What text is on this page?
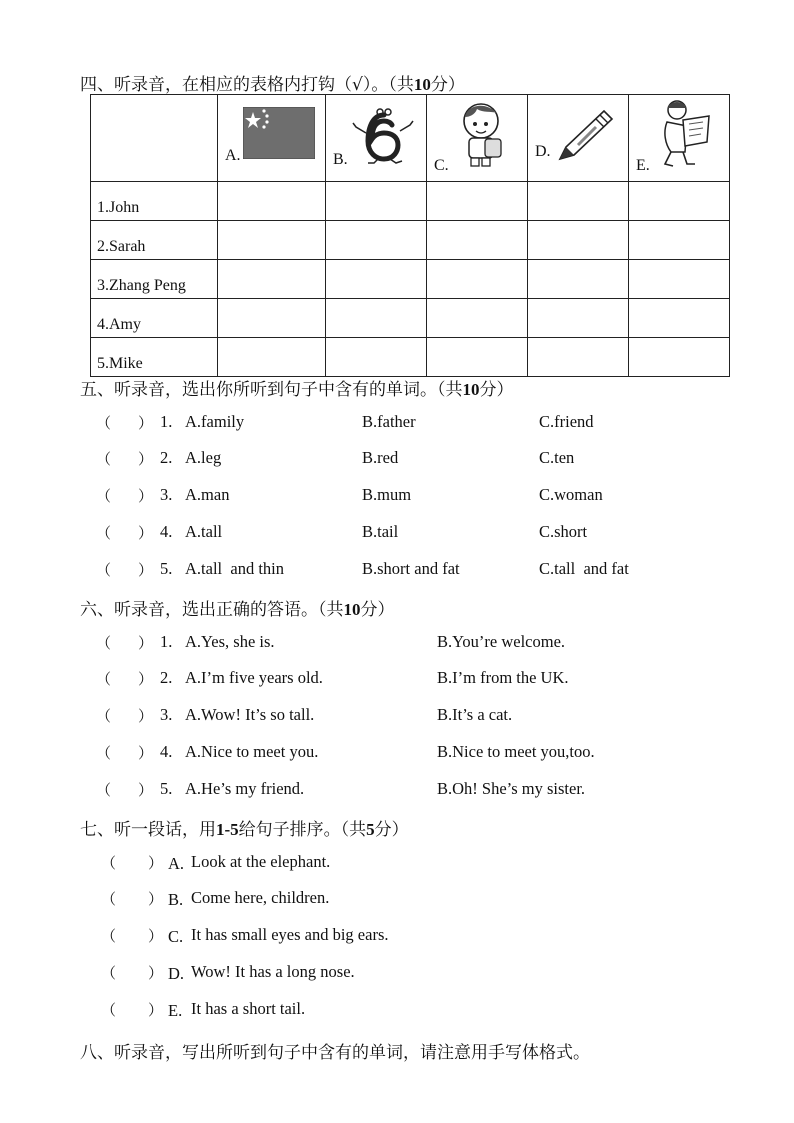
四、听录音，在相应的表格内打钩（√）。（共10分）

	A.	B.	C.	D.	E.

1.John					
2.Sarah					
3.Zhang Peng					
4.Amy					
5.Mike					
五、听录音，选出你所听到句子中含有的单词。（共10分）
（ ） 1. A.family	B.father	C.friend
（ ） 2. A.leg	B.red	C.ten
（ ） 3. A.man	B.mum	C.woman
（ ） 4. A.tall	B.tail	C.short
（ ） 5. A.tall  and thin	B.short and fat	C.tall  and fat
六、听录音，选出正确的答语。（共10分）
（ ） 1. A.Yes, she is.	B.You’re welcome.
（ ） 2. A.I’m five years old.	B.I’m from the UK.
（ ） 3. A.Wow! It’s so tall.	B.It’s a cat.
（ ） 4. A.Nice to meet you.	B.Nice to meet you,too.
（ ） 5. A.He’s my friend.	B.Oh! She’s my sister.
七、听一段话，用1-5给句子排序。（共5分）
（ ） A. Look at the elephant.
（ ） B. Come here, children.
（ ） C. It has small eyes and big ears.
（ ） D. Wow! It has a long nose.
（ ） E. It has a short tail.
八、听录音，写出所听到句子中含有的单词，请注意用手写体格式。
